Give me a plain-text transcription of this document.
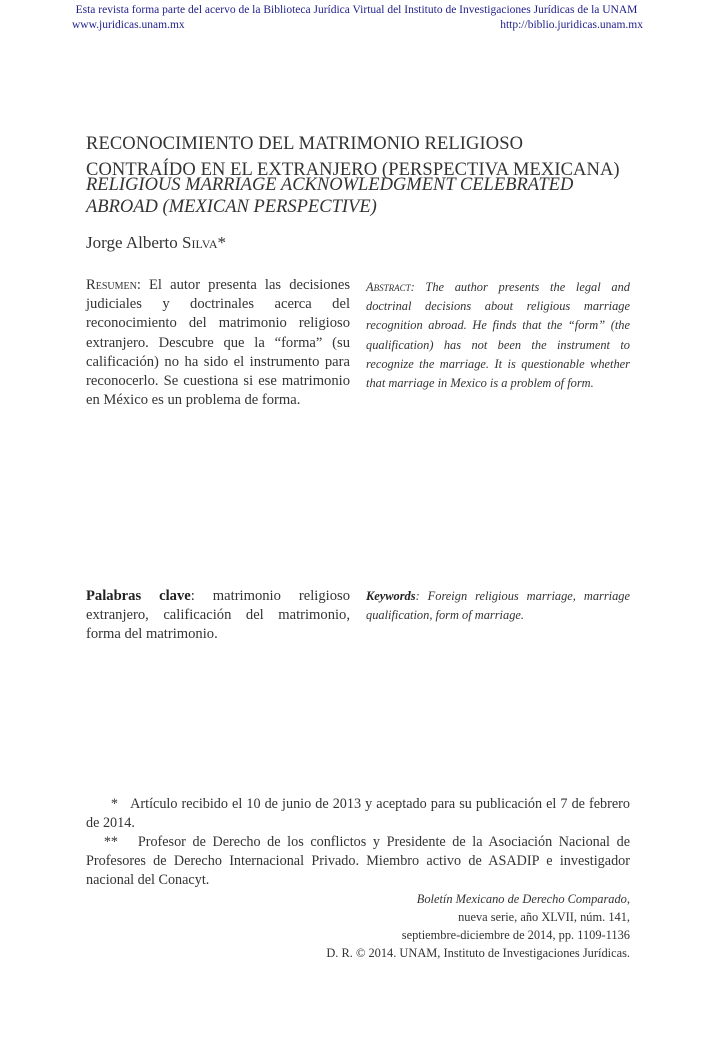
Esta revista forma parte del acervo de la Biblioteca Jurídica Virtual del Instituto de Investigaciones Jurídicas de la UNAM
www.juridicas.unam.mx	http://biblio.juridicas.unam.mx
RECONOCIMIENTO DEL MATRIMONIO RELIGIOSO
CONTRAÍDO EN EL EXTRANJERO (PERSPECTIVA MEXICANA)
RELIGIOUS MARRIAGE ACKNOWLEDGMENT CELEBRATED
ABROAD (MEXICAN PERSPECTIVE)
Jorge Alberto Silva*
Resumen: El autor presenta las decisiones judiciales y doctrinales acerca del reconocimiento del matrimonio religioso extranjero. Descubre que la “forma” (su calificación) no ha sido el instrumento para reconocerlo. Se cuestiona si ese matrimonio en México es un problema de forma.
Abstract: The author presents the legal and doctrinal decisions about religious marriage recognition abroad. He finds that the “form” (the qualification) has not been the instrument to recognize the marriage. It is questionable whether that marriage in Mexico is a problem of form.
Palabras clave: matrimonio religioso extranjero, calificación del matrimonio, forma del matrimonio.
Keywords: Foreign religious marriage, marriage qualification, form of marriage.
* Artículo recibido el 10 de junio de 2013 y aceptado para su publicación el 7 de febrero de 2014.
** Profesor de Derecho de los conflictos y Presidente de la Asociación Nacional de Profesores de Derecho Internacional Privado. Miembro activo de ASADIP e investigador nacional del Conacyt.
Boletín Mexicano de Derecho Comparado,
nueva serie, año XLVII, núm. 141,
septiembre-diciembre de 2014, pp. 1109-1136
D. R. © 2014. UNAM, Instituto de Investigaciones Jurídicas.
